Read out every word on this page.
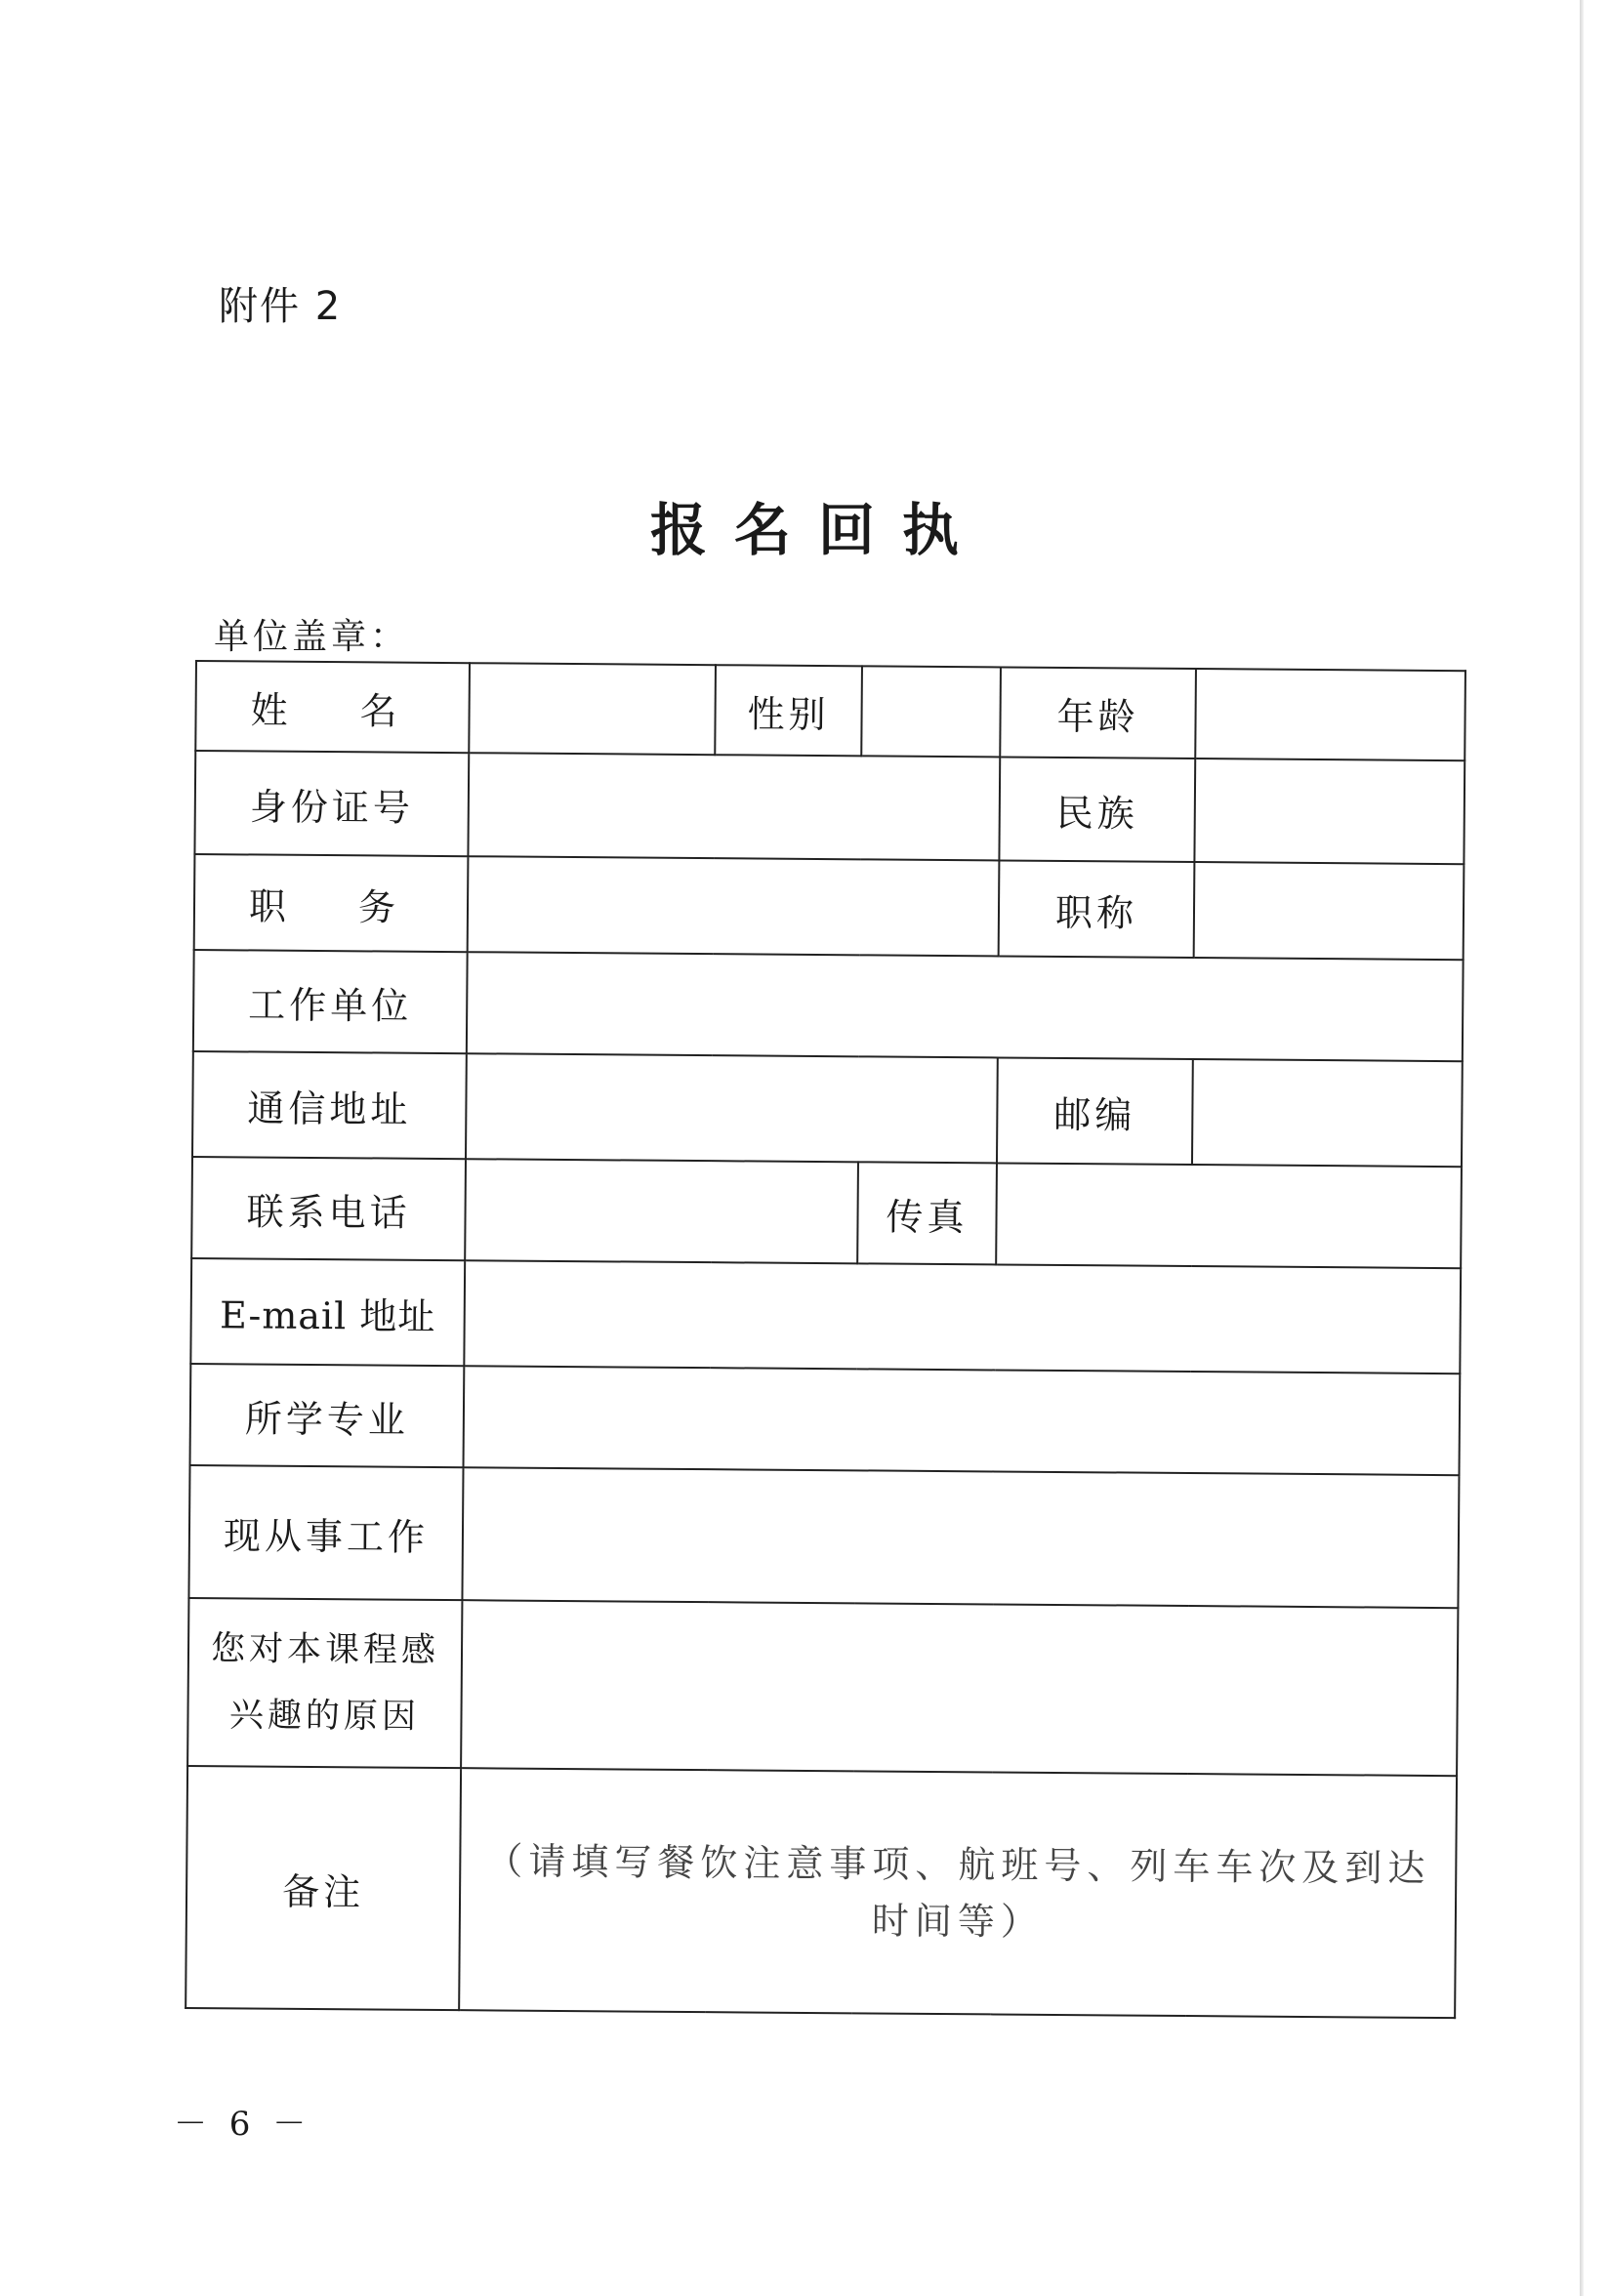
附件 2
报名回执
单位盖章：
姓　名		性别		年龄	
身份证号				民族	
职　务				职称	
工作单位					
通信地址				邮编	
联系电话			传真		
E-mail 地址					
所学专业					
现从事工作					

您对本课程感
兴趣的原因					

备注	（请填写餐饮注意事项、航班号、列车车次及到达
时间等）				
－ 6 －
